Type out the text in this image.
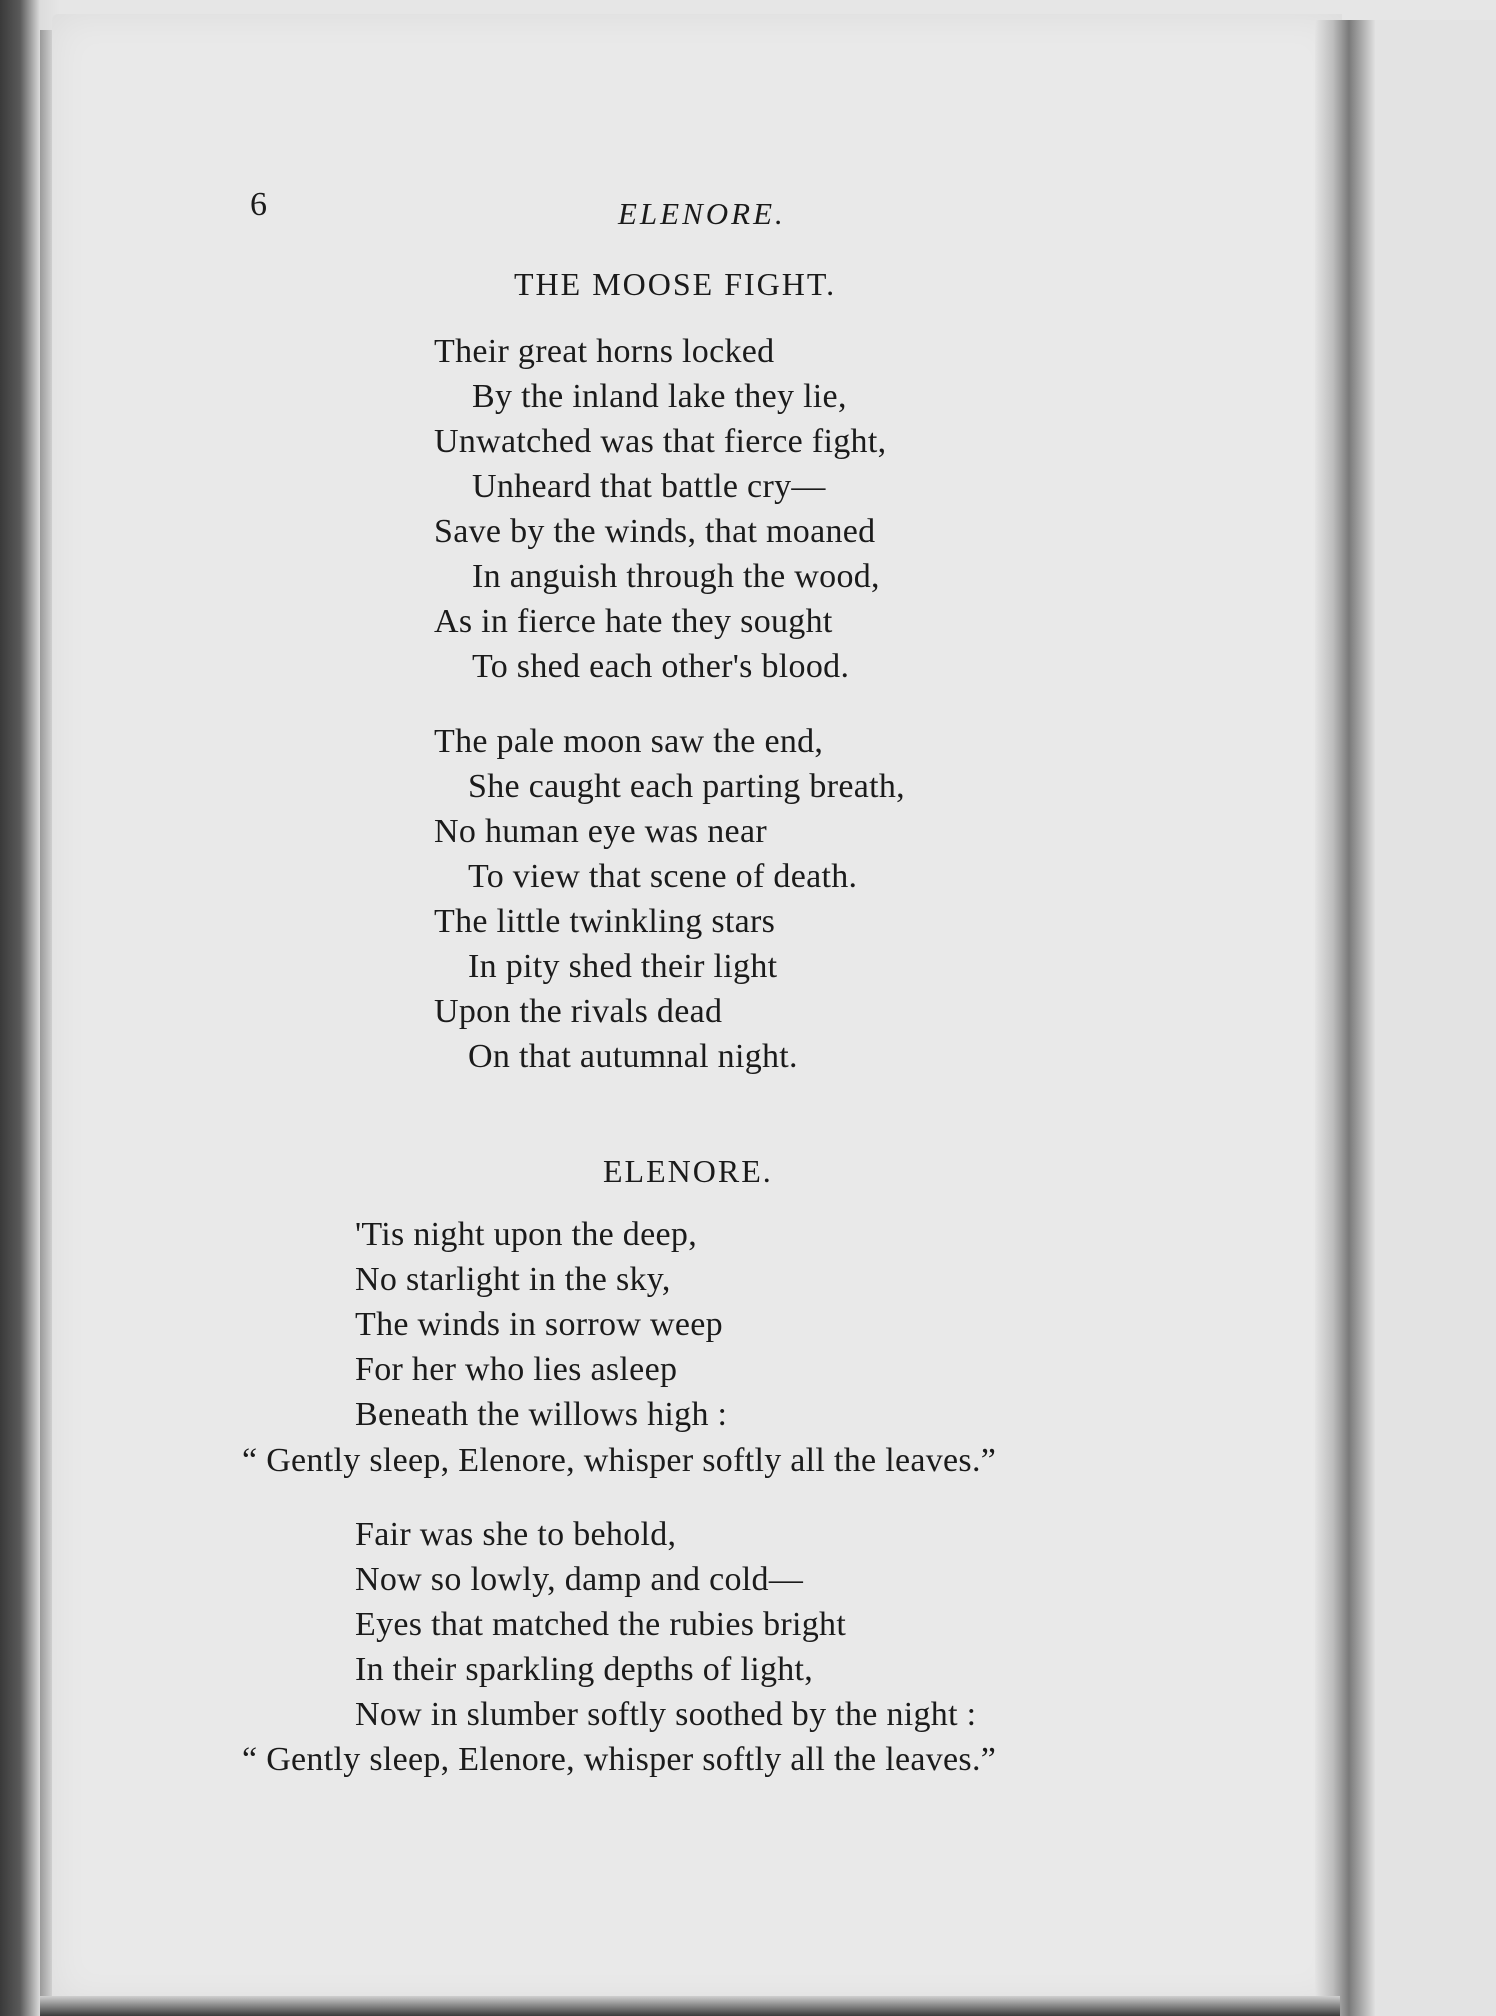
6	ELENORE.

THE MOOSE FIGHT.

Their great horns locked

By the inland lake they lie,

Unwatched was that fierce fight,

Unheard that battle cry—

Save by the winds, that moaned

In anguish through the wood,

As in fierce hate they sought

To shed each other's blood.

The pale moon saw the end,

She caught each parting breath,

No human eye was near

To view that scene of death.

The little twinkling stars

In pity shed their light

Upon the rivals dead

On that autumnal night.

ELENORE.

'Tis night upon the deep,

No starlight in the sky,

The winds in sorrow weep

For her who lies asleep

Beneath the willows high :

“ Gently sleep, Elenore, whisper softly all the leaves.”

Fair was she to behold,

Now so lowly, damp and cold—

Eyes that matched the rubies bright

In their sparkling depths of light,

Now in slumber softly soothed by the night :

“ Gently sleep, Elenore, whisper softly all the leaves.”
